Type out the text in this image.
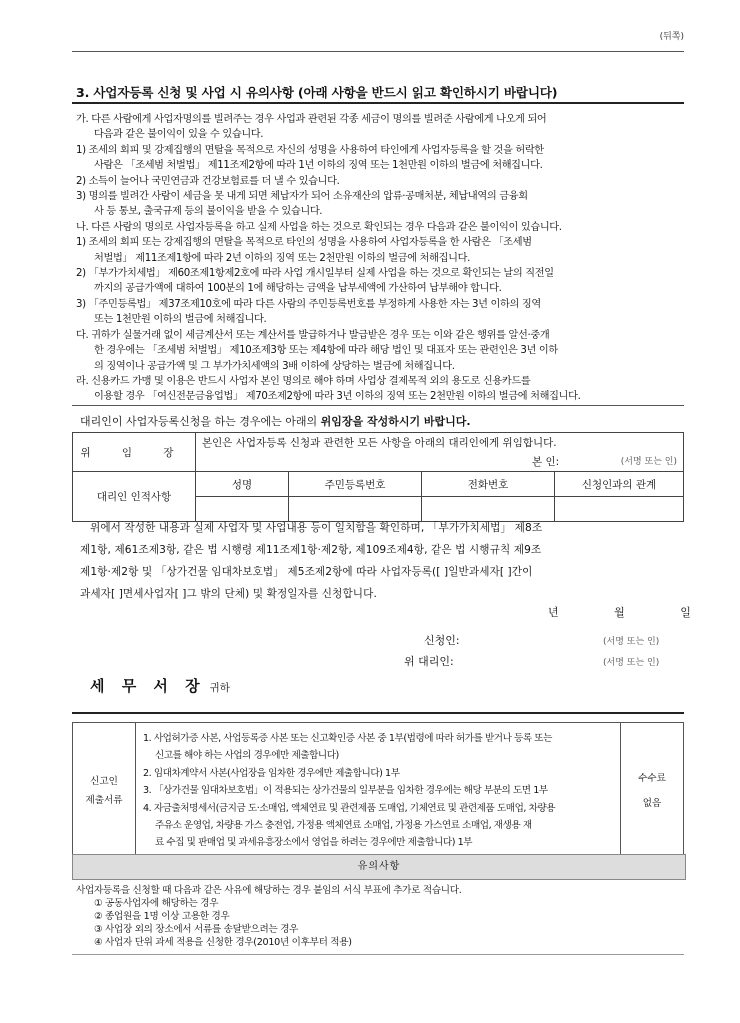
(뒤쪽)
3. 사업자등록 신청 및 사업 시 유의사항 (아래 사항을 반드시 읽고 확인하시기 바랍니다)

가. 다른 사람에게 사업자명의를 빌려주는 경우 사업과 관련된 각종 세금이 명의를 빌려준 사람에게 나오게 되어

다음과 같은 불이익이 있을 수 있습니다.

1) 조세의 회피 및 강제집행의 면탈을 목적으로 자신의 성명을 사용하여 타인에게 사업자등록을 할 것을 허락한

사람은 「조세범 처벌법」 제11조제2항에 따라 1년 이하의 징역 또는 1천만원 이하의 벌금에 처해집니다.

2) 소득이 늘어나 국민연금과 건강보험료를 더 낼 수 있습니다.

3) 명의를 빌려간 사람이 세금을 못 내게 되면 체납자가 되어 소유재산의 압류·공매처분, 체납내역의 금융회

사 등 통보, 출국규제 등의 불이익을 받을 수 있습니다.

나. 다른 사람의 명의로 사업자등록을 하고 실제 사업을 하는 것으로 확인되는 경우 다음과 같은 불이익이 있습니다.

1) 조세의 회피 또는 강제집행의 면탈을 목적으로 타인의 성명을 사용하여 사업자등록을 한 사람은 「조세범

처벌법」 제11조제1항에 따라 2년 이하의 징역 또는 2천만원 이하의 벌금에 처해집니다.

2) 「부가가치세법」 제60조제1항제2호에 따라 사업 개시일부터 실제 사업을 하는 것으로 확인되는 날의 직전일

까지의 공급가액에 대하여 100분의 1에 해당하는 금액을 납부세액에 가산하여 납부해야 합니다.

3) 「주민등록법」 제37조제10호에 따라 다른 사람의 주민등록번호를 부정하게 사용한 자는 3년 이하의 징역

또는 1천만원 이하의 벌금에 처해집니다.

다. 귀하가 실물거래 없이 세금계산서 또는 계산서를 발급하거나 발급받은 경우 또는 이와 같은 행위를 알선·중개

한 경우에는 「조세범 처벌법」 제10조제3항 또는 제4항에 따라 해당 법인 및 대표자 또는 관련인은 3년 이하

의 징역이나 공급가액 및 그 부가가치세액의 3배 이하에 상당하는 벌금에 처해집니다.

라. 신용카드 가맹 및 이용은 반드시 사업자 본인 명의로 해야 하며 사업상 결제목적 외의 용도로 신용카드를

이용할 경우 「여신전문금융업법」 제70조제2항에 따라 3년 이하의 징역 또는 2천만원 이하의 벌금에 처해집니다.

대리인이 사업자등록신청을 하는 경우에는 아래의 위임장을 작성하시기 바랍니다.
위 임 장	본인은 사업자등록 신청과 관련한 모든 사항을 아래의 대리인에게 위임합니다.			
	본 인: (서명 또는 인)			

대리인 인적사항	성명	주민등록번호	전화번호	신청인과의 관계

위에서 작성한 내용과 실제 사업자 및 사업내용 등이 일치함을 확인하며, 「부가가치세법」 제8조

제1항, 제61조제3항, 같은 법 시행령 제11조제1항·제2항, 제109조제4항, 같은 법 시행규칙 제9조

제1항·제2항 및 「상가건물 임대차보호법」 제5조제2항에 따라 사업자등록([ ]일반과세자[ ]간이

과세자[ ]면세사업자[ ]그 밖의 단체) 및 확정일자를 신청합니다.

년	월	일
신청인:	(서명 또는 인)
위 대리인:	(서명 또는 인)
세 무 서 장 귀하
신고인
제출서류

1. 사업허가증 사본, 사업등록증 사본 또는 신고확인증 사본 중 1부(법령에 따라 허가를 받거나 등록 또는
신고를 해야 하는 사업의 경우에만 제출합니다)
2. 임대차계약서 사본(사업장을 임차한 경우에만 제출합니다) 1부
3. 「상가건물 임대차보호법」이 적용되는 상가건물의 일부분을 임차한 경우에는 해당 부분의 도면 1부
4. 자금출처명세서(금지금 도·소매업, 액체연료 및 관련제품 도매업, 기체연료 및 관련제품 도매업, 차량용
주유소 운영업, 차량용 가스 충전업, 가정용 액체연료 소매업, 가정용 가스연료 소매업, 재생용 재
료 수집 및 판매업 및 과세유흥장소에서 영업을 하려는 경우에만 제출합니다) 1부

수수료
없음
유의사항

사업자등록을 신청할 때 다음과 같은 사유에 해당하는 경우 붙임의 서식 부표에 추가로 적습니다.

① 공동사업자에 해당하는 경우

② 종업원을 1명 이상 고용한 경우

③ 사업장 외의 장소에서 서류를 송달받으려는 경우

④ 사업자 단위 과세 적용을 신청한 경우(2010년 이후부터 적용)
